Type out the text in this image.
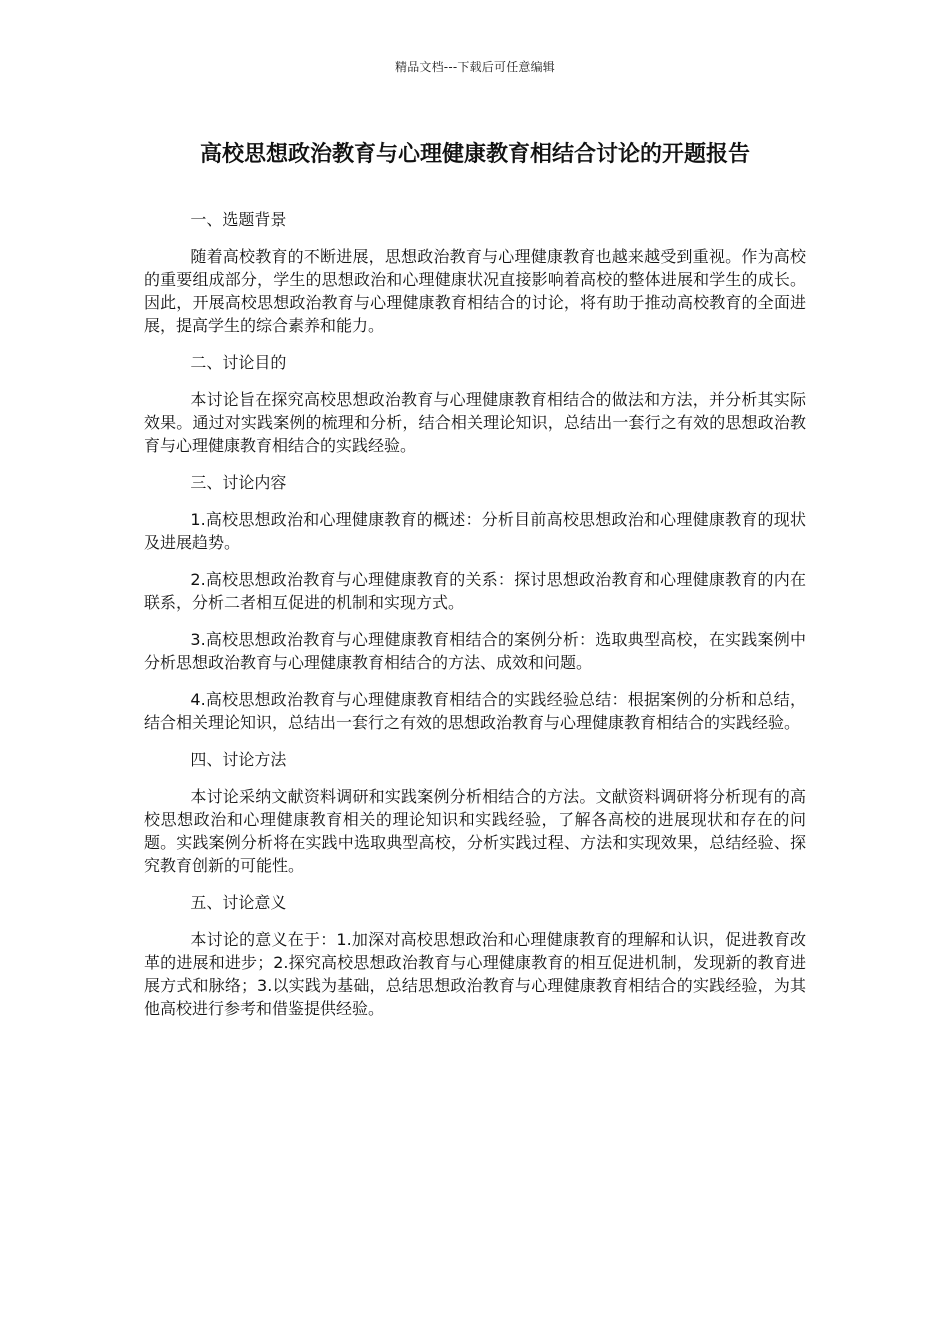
精品文档---下载后可任意编辑
高校思想政治教育与心理健康教育相结合讨论的开题报告

一、选题背景

随着高校教育的不断进展，思想政治教育与心理健康教育也越来越受到重视。作为高校的重要组成部分，学生的思想政治和心理健康状况直接影响着高校的整体进展和学生的成长。因此，开展高校思想政治教育与心理健康教育相结合的讨论，将有助于推动高校教育的全面进展，提高学生的综合素养和能力。

二、讨论目的

本讨论旨在探究高校思想政治教育与心理健康教育相结合的做法和方法，并分析其实际效果。通过对实践案例的梳理和分析，结合相关理论知识，总结出一套行之有效的思想政治教育与心理健康教育相结合的实践经验。

三、讨论内容

1.高校思想政治和心理健康教育的概述：分析目前高校思想政治和心理健康教育的现状及进展趋势。

2.高校思想政治教育与心理健康教育的关系：探讨思想政治教育和心理健康教育的内在联系，分析二者相互促进的机制和实现方式。

3.高校思想政治教育与心理健康教育相结合的案例分析：选取典型高校，在实践案例中分析思想政治教育与心理健康教育相结合的方法、成效和问题。

4.高校思想政治教育与心理健康教育相结合的实践经验总结：根据案例的分析和总结，结合相关理论知识，总结出一套行之有效的思想政治教育与心理健康教育相结合的实践经验。

四、讨论方法

本讨论采纳文献资料调研和实践案例分析相结合的方法。文献资料调研将分析现有的高校思想政治和心理健康教育相关的理论知识和实践经验，了解各高校的进展现状和存在的问题。实践案例分析将在实践中选取典型高校，分析实践过程、方法和实现效果，总结经验、探究教育创新的可能性。

五、讨论意义

本讨论的意义在于：1.加深对高校思想政治和心理健康教育的理解和认识，促进教育改革的进展和进步；2.探究高校思想政治教育与心理健康教育的相互促进机制，发现新的教育进展方式和脉络；3.以实践为基础，总结思想政治教育与心理健康教育相结合的实践经验，为其他高校进行参考和借鉴提供经验。
